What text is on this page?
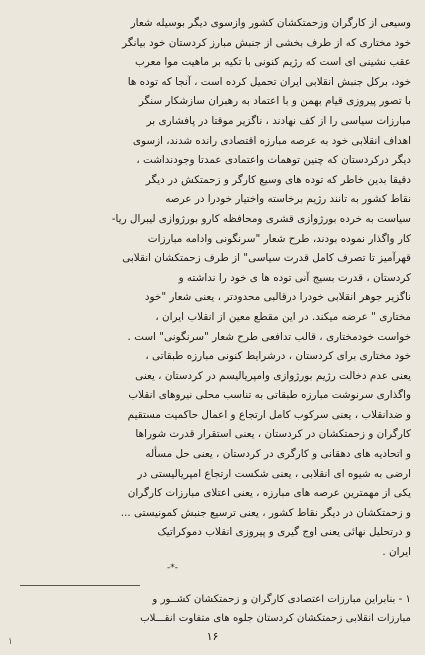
وسیعی از کارگران وزحمتکشان کشور وازسوی دیگر بوسیله شعار
خود مختاری که از طرف بخشی از جنبش مبارز کردستان خود بیانگر
عقب نشینی ای است که رژیم کنونی با تکیه بر ماهیت موا معرب
خود، برکل جنبش انقلابی ایران تحمیل کرده است ، آنجا که توده ها
با تصور پیروزی قیام بهمن و با اعتماد به رهبران سازشکار سنگر
مبارزات سیاسی را از کف نهادند ، ناگزیر موقتا در پافشاری بر
اهداف انقلابی خود به عرصه مبارزه اقتصادی رانده شدند، ازسوی
دیگر درکردستان که چنین توهمات واعتمادی عمدتا وجودنداشت ،
دقیقا بدین خاطر که توده های وسیع کارگر و زحمتکش در دیگر
نقاط کشور به تانند رژیم برخاسته واختیار خودرا در عرصه
سیاست به خرده بورژوازی قشری ومحافظه کارو بورژوازی لیبرال ریا-
کار واگذار نموده بودند، طرح شعار "سرنگونی وادامه مبارزات
قهرآمیز تا تصرف کامل قدرت سیاسی" از طرف زحمتکشان انقلابی
کردستان ، قدرت بسیج آنی توده ها ی خود را نداشته و
ناگزیر جوهر انقلابی خودرا درقالبی محدودتر ، یعنی شعار "خود
مختاری " عرضه میکند. در این مقطع معین از انقلاب ایران ،
خواست خودمختاری ، قالب تدافعی طرح شعار "سرنگونی" است .
خود مختاری برای کردستان ، درشرایط کنونی مبارزه طبقاتی ،
یعنی عدم دخالت رژیم بورژوازی وامپریالیسم در کردستان ، یعنی
واگذاری سرنوشت مبارزه طبقاتی به تناسب محلی نیروهای انقلاب
و ضدانقلاب ، یعنی سرکوب کامل ارتجاع و اعمال حاکمیت مستقیم
کارگران و زحمتکشان در کردستان ، یعنی استقرار قدرت شوراها
و اتحادیه های دهقانی و کارگری در کردستان ، یعنی حل مسأله
ارضی به شیوه ای انقلابی ، یعنی شکست ارتجاع امپریالیستی در
یکی از مهمترین عرصه های مبارزه ، یعنی اعتلای مبارزات کارگران
و زحمتکشان در دیگر نقاط کشور ، یعنی ترسیع جنبش کمونیستی ...
و درتحلیل نهائی یعنی اوج گیری و پیروزی انقلاب دموکراتیک
ایران .
-*-
۱ - بنابراین مبارزات اعتصادی کارگران و زحمتکشان کشــور و
مبارزات انقلابی زحمتکشان کردستان جلوه های متفاوت انقـــلاب
۱۶
۱
